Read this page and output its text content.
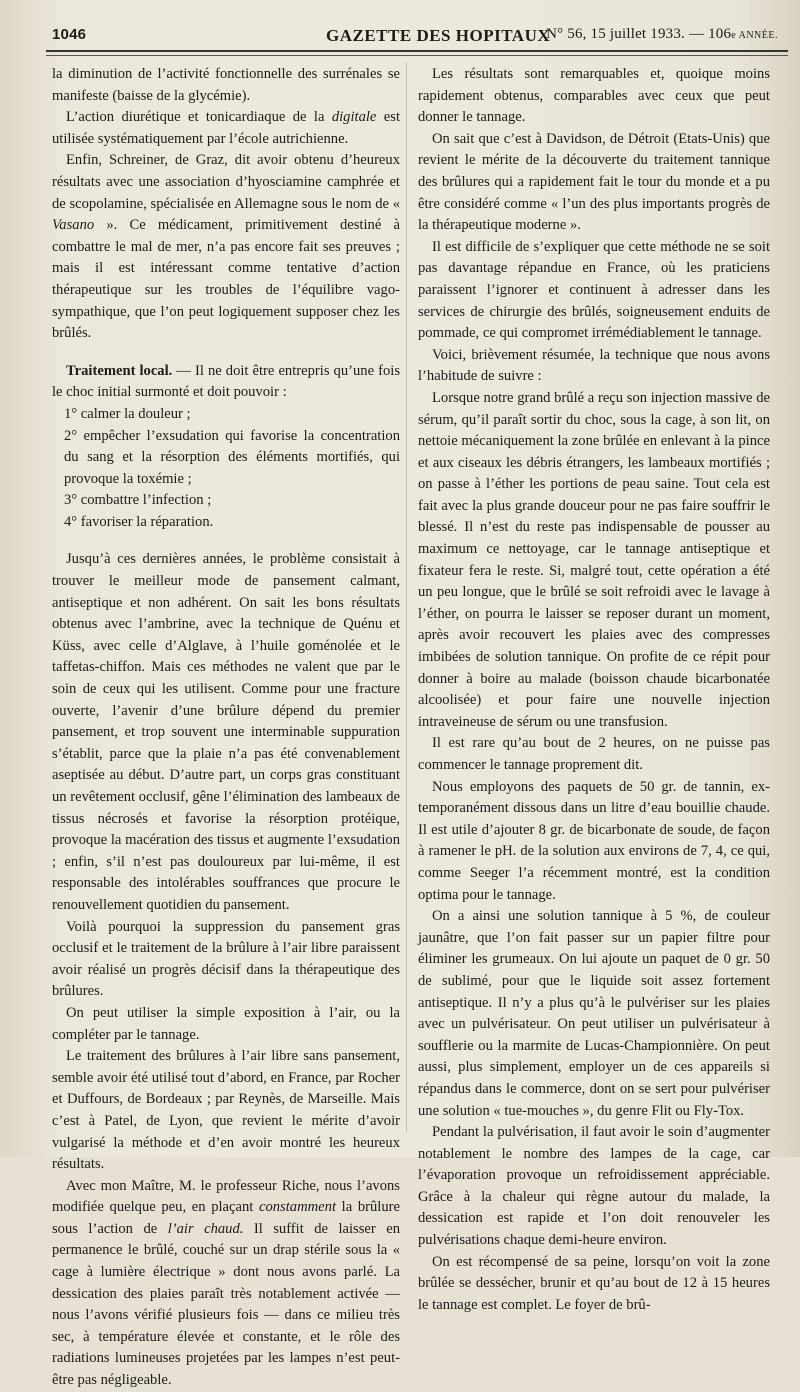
1046	GAZETTE DES HOPITAUX
N° 56, 15 juillet 1933. — 106e ANNÉE.

la diminution de l’activité fonctionnelle des surrénales se manifeste (baisse de la glycémie).

L’action diurétique et tonicardiaque de la digitale est utilisée systématiquement par l’école autrichienne.

Enfin, Schreiner, de Graz, dit avoir obtenu d’heureux résultats avec une association d’hyosciamine camphrée et de scopolamine, spécialisée en Allemagne sous le nom de « Vasano ». Ce médicament, primitivement destiné à combattre le mal de mer, n’a pas encore fait ses preuves ; mais il est intéressant comme tentative d’action thérapeutique sur les troubles de l’équilibre vago-sympathique, que l’on peut logiquement supposer chez les brûlés.

Traitement local. — Il ne doit être entrepris qu’une fois le choc initial surmonté et doit pouvoir :

1° calmer la douleur ;

2° empêcher l’exsudation qui favorise la concentration du sang et la résorption des éléments mortifiés, qui provoque la toxémie ;

3° combattre l’infection ;

4° favoriser la réparation.

Jusqu’à ces dernières années, le problème consistait à trouver le meilleur mode de pansement calmant, antiseptique et non adhérent. On sait les bons résultats obtenus avec l’ambrine, avec la technique de Quénu et Küss, avec celle d’Alglave, à l’huile goménolée et le taffetas-chiffon. Mais ces méthodes ne valent que par le soin de ceux qui les utilisent. Comme pour une fracture ouverte, l’avenir d’une brûlure dépend du premier pansement, et trop souvent une interminable suppuration s’établit, parce que la plaie n’a pas été convenablement aseptisée au début. D’autre part, un corps gras constituant un revêtement occlusif, gêne l’élimination des lambeaux de tissus nécrosés et favorise la résorption protéique, provoque la macération des tissus et augmente l’exsudation ; enfin, s’il n’est pas douloureux par lui-même, il est responsable des intolérables souffrances que procure le renouvellement quotidien du pansement.

Voilà pourquoi la suppression du pansement gras occlusif et le traitement de la brûlure à l’air libre paraissent avoir réalisé un progrès décisif dans la thérapeutique des brûlures.

On peut utiliser la simple exposition à l’air, ou la compléter par le tannage.

Le traitement des brûlures à l’air libre sans pansement, semble avoir été utilisé tout d’abord, en France, par Rocher et Duffours, de Bordeaux ; par Reynès, de Marseille. Mais c’est à Patel, de Lyon, que revient le mérite d’avoir vulgarisé la méthode et d’en avoir montré les heureux résultats.

Avec mon Maître, M. le professeur Riche, nous l’avons modifiée quelque peu, en plaçant constamment la brûlure sous l’action de l’air chaud. Il suffit de laisser en permanence le brûlé, couché sur un drap stérile sous la « cage à lumière électrique » dont nous avons parlé. La dessication des plaies paraît très notablement activée — nous l’avons vérifié plusieurs fois — dans ce milieu très sec, à température élevée et constante, et le rôle des radiations lumineuses projetées par les lampes n’est peut-être pas négligeable.

Les résultats sont remarquables et, quoique moins rapidement obtenus, comparables avec ceux que peut donner le tannage.

On sait que c’est à Davidson, de Détroit (Etats-Unis) que revient le mérite de la découverte du traitement tannique des brûlures qui a rapidement fait le tour du monde et a pu être considéré comme « l’un des plus importants progrès de la thérapeutique moderne ».

Il est difficile de s’expliquer que cette méthode ne se soit pas davantage répandue en France, où les praticiens paraissent l’ignorer et continuent à adresser dans les services de chirurgie des brûlés, soigneusement enduits de pommade, ce qui compromet irrémédiablement le tannage.

Voici, brièvement résumée, la technique que nous avons l’habitude de suivre :

Lorsque notre grand brûlé a reçu son injection massive de sérum, qu’il paraît sortir du choc, sous la cage, à son lit, on nettoie mécaniquement la zone brûlée en enlevant à la pince et aux ciseaux les débris étrangers, les lambeaux mortifiés ; on passe à l’éther les portions de peau saine. Tout cela est fait avec la plus grande douceur pour ne pas faire souffrir le blessé. Il n’est du reste pas indispensable de pousser au maximum ce nettoyage, car le tannage antiseptique et fixateur fera le reste. Si, malgré tout, cette opération a été un peu longue, que le brûlé se soit refroidi avec le lavage à l’éther, on pourra le laisser se reposer durant un moment, après avoir recouvert les plaies avec des compresses imbibées de solution tannique. On profite de ce répit pour donner à boire au malade (boisson chaude bicarbonatée alcoolisée) et pour faire une nouvelle injection intraveineuse de sérum ou une transfusion.

Il est rare qu’au bout de 2 heures, on ne puisse pas commencer le tannage proprement dit.

Nous employons des paquets de 50 gr. de tannin, ex-temporanément dissous dans un litre d’eau bouillie chaude. Il est utile d’ajouter 8 gr. de bicarbonate de soude, de façon à ramener le pH. de la solution aux environs de 7, 4, ce qui, comme Seeger l’a récemment montré, est la condition optima pour le tannage.

On a ainsi une solution tannique à 5 %, de couleur jaunâtre, que l’on fait passer sur un papier filtre pour éliminer les grumeaux. On lui ajoute un paquet de 0 gr. 50 de sublimé, pour que le liquide soit assez fortement antiseptique. Il n’y a plus qu’à le pulvériser sur les plaies avec un pulvérisateur. On peut utiliser un pulvérisateur à soufflerie ou la marmite de Lucas-Championnière. On peut aussi, plus simplement, employer un de ces appareils si répandus dans le commerce, dont on se sert pour pulvériser une solution « tue-mouches », du genre Flit ou Fly-Tox.

Pendant la pulvérisation, il faut avoir le soin d’augmenter notablement le nombre des lampes de la cage, car l’évaporation provoque un refroidissement appréciable. Grâce à la chaleur qui règne autour du malade, la dessication est rapide et l’on doit renouveler les pulvérisations chaque demi-heure environ.

On est récompensé de sa peine, lorsqu’on voit la zone brûlée se dessécher, brunir et qu’au bout de 12 à 15 heures le tannage est complet. Le foyer de brû-
